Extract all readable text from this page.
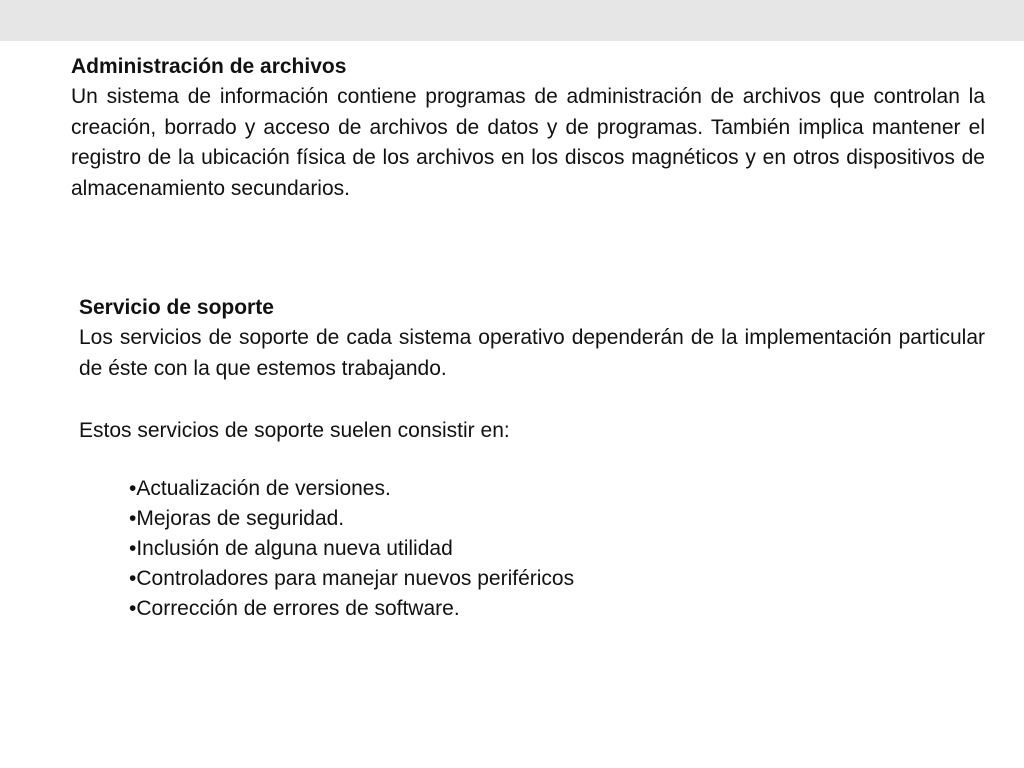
Administración de archivos

Un sistema de información contiene programas de administración de archivos que controlan la creación, borrado y acceso de archivos de datos y de programas. También implica mantener el registro de la ubicación física de los archivos en los discos magnéticos y en otros dispositivos de almacenamiento secundarios.

Servicio de soporte

Los servicios de soporte de cada sistema operativo dependerán de la implementación particular de éste con la que estemos trabajando.

Estos servicios de soporte suelen consistir en:

•Actualización de versiones.
•Mejoras de seguridad.
•Inclusión de alguna nueva utilidad
•Controladores para manejar nuevos periféricos
•Corrección de errores de software.
